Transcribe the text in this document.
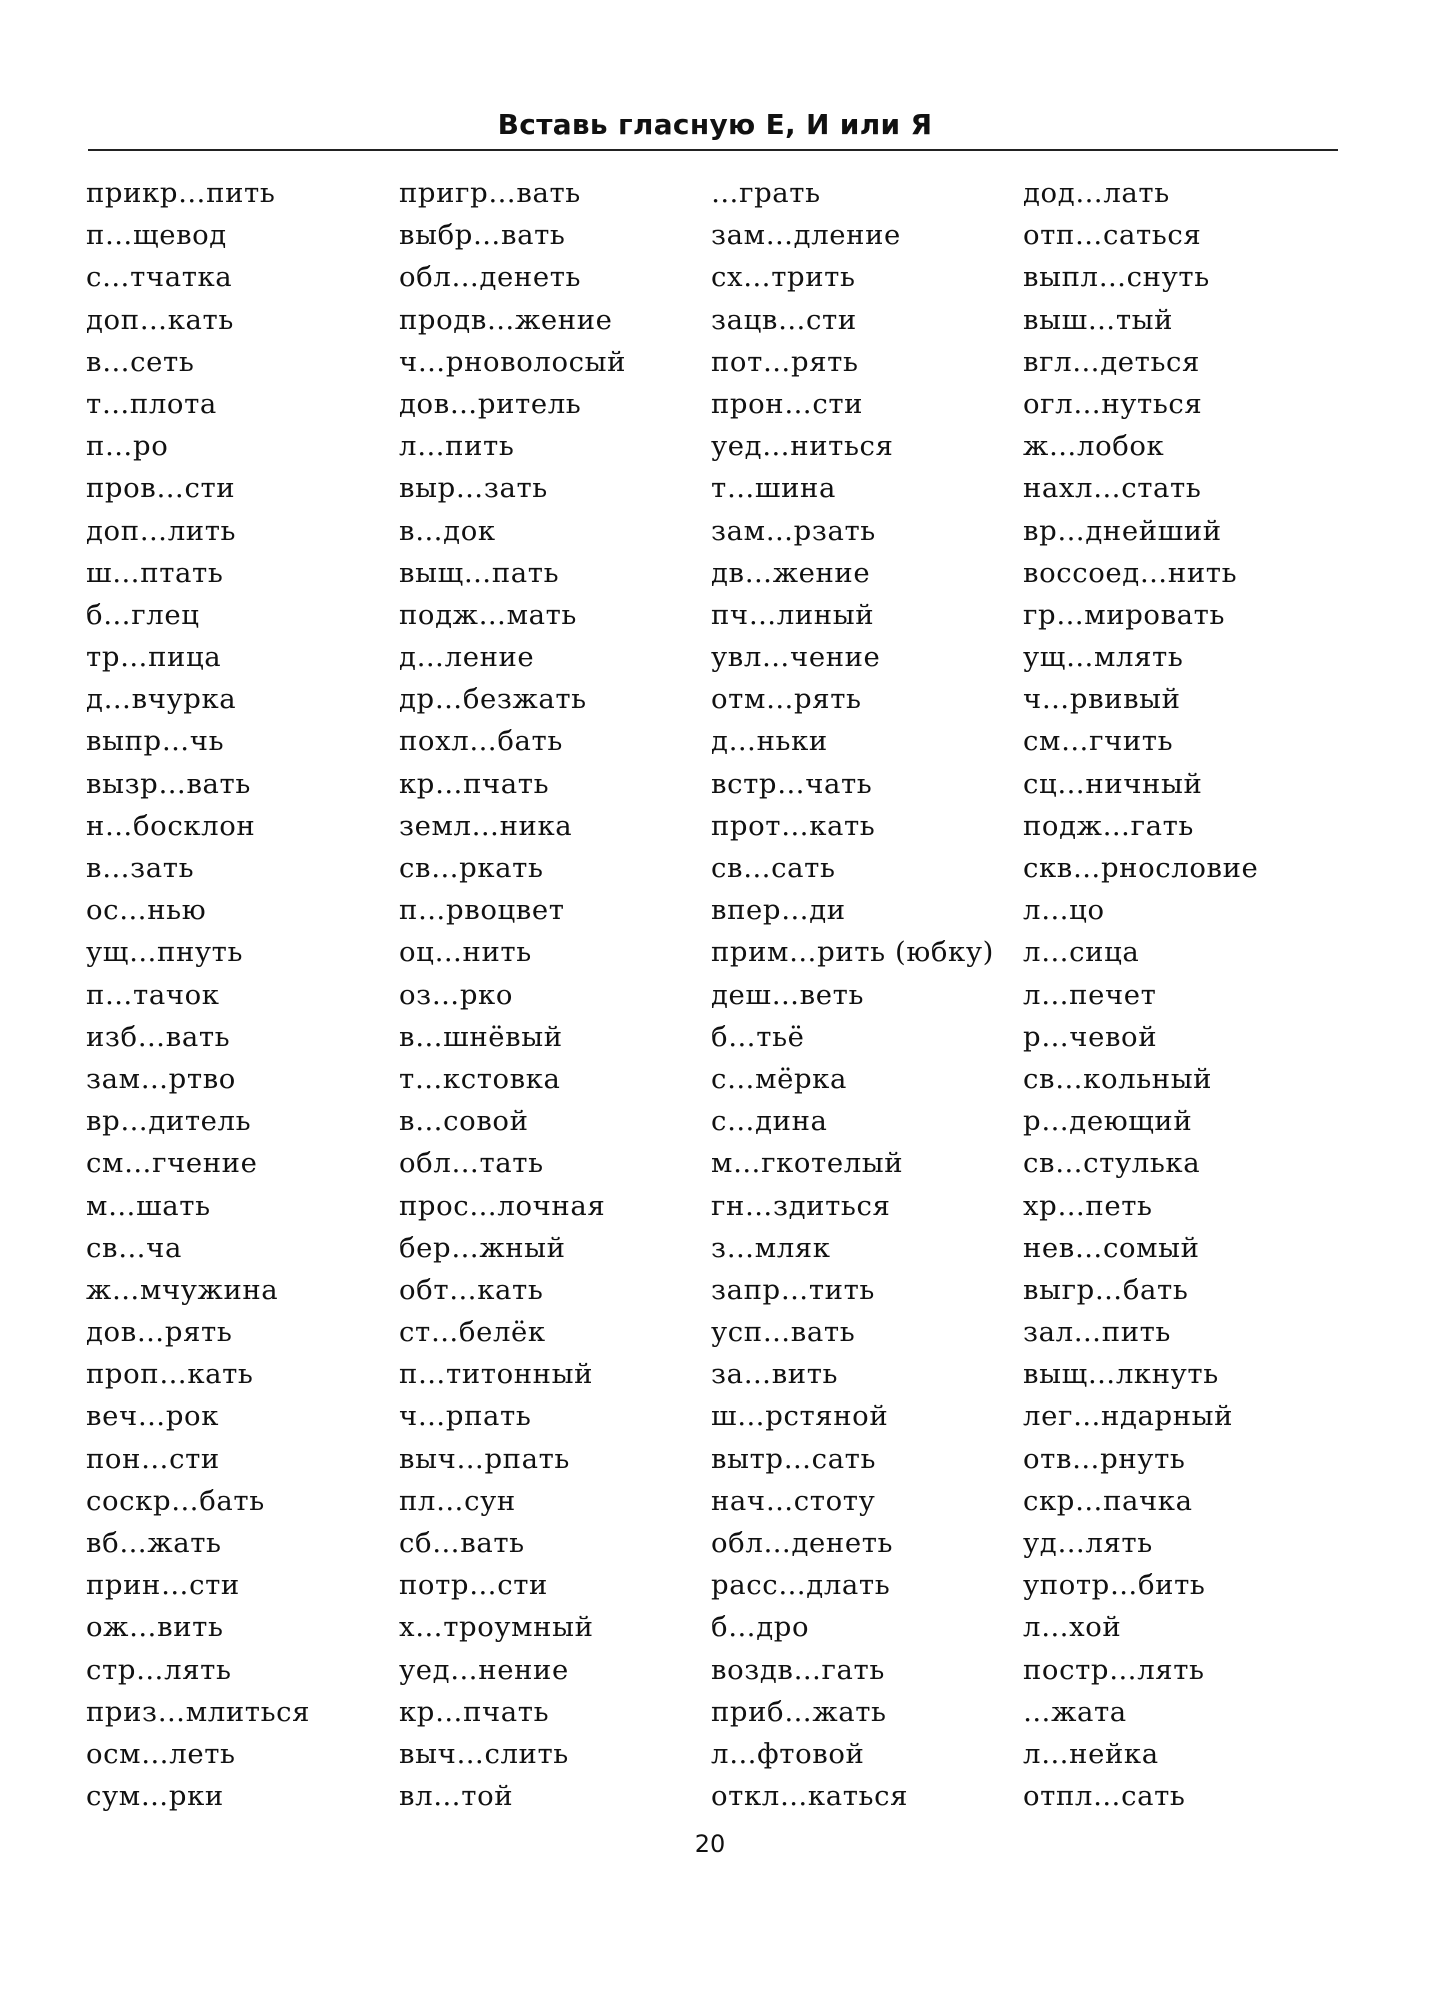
Вставь гласную Е, И или Я
прикр…пить
п…щевод
с…тчатка
доп…кать
в…сеть
т…плота
п…ро
пров…сти
доп…лить
ш…птать
б…глец
тр…пица
д…вчурка
выпр…чь
вызр…вать
н…босклон
в…зать
ос…нью
ущ…пнуть
п…тачок
изб…вать
зам…ртво
вр…дитель
см…гчение
м…шать
св…ча
ж…мчужина
дов…рять
проп…кать
веч…рок
пон…сти
соскр…бать
вб…жать
прин…сти
ож…вить
стр…лять
приз…млиться
осм…леть
сум…рки
пригр…вать
выбр…вать
обл…денеть
продв…жение
ч…рноволосый
дов…ритель
л…пить
выр…зать
в…док
выщ…пать
подж…мать
д…ление
др…безжать
похл…бать
кр…пчать
земл…ника
св…ркать
п…рвоцвет
оц…нить
оз…рко
в…шнёвый
т…кстовка
в…совой
обл…тать
прос…лочная
бер…жный
обт…кать
ст…белёк
п…титонный
ч…рпать
выч…рпать
пл…сун
сб…вать
потр…сти
х…троумный
уед…нение
кр…пчать
выч…слить
вл…той
…грать
зам…дление
сх…трить
зацв…сти
пот…рять
прон…сти
уед…ниться
т…шина
зам…рзать
дв…жение
пч…линый
увл…чение
отм…рять
д…ньки
встр…чать
прот…кать
св…сать
впер…ди
прим…рить (юбку)
деш…веть
б…тьё
с…мёрка
с…дина
м…гкотелый
гн…здиться
з…мляк
запр…тить
усп…вать
за…вить
ш…рстяной
вытр…сать
нач…стоту
обл…денеть
расс…длать
б…дро
воздв…гать
приб…жать
л…фтовой
откл…каться
дод…лать
отп…саться
выпл…снуть
выш…тый
вгл…деться
огл…нуться
ж…лобок
нахл…стать
вр…днейший
воссоед…нить
гр…мировать
ущ…млять
ч…рвивый
см…гчить
сц…ничный
подж…гать
скв…рнословие
л…цо
л…сица
л…печет
р…чевой
св…кольный
р…деющий
св…стулька
хр…петь
нев…сомый
выгр…бать
зал…пить
выщ…лкнуть
лег…ндарный
отв…рнуть
скр…пачка
уд…лять
употр…бить
л…хой
постр…лять
…жата
л…нейка
отпл…сать
20
